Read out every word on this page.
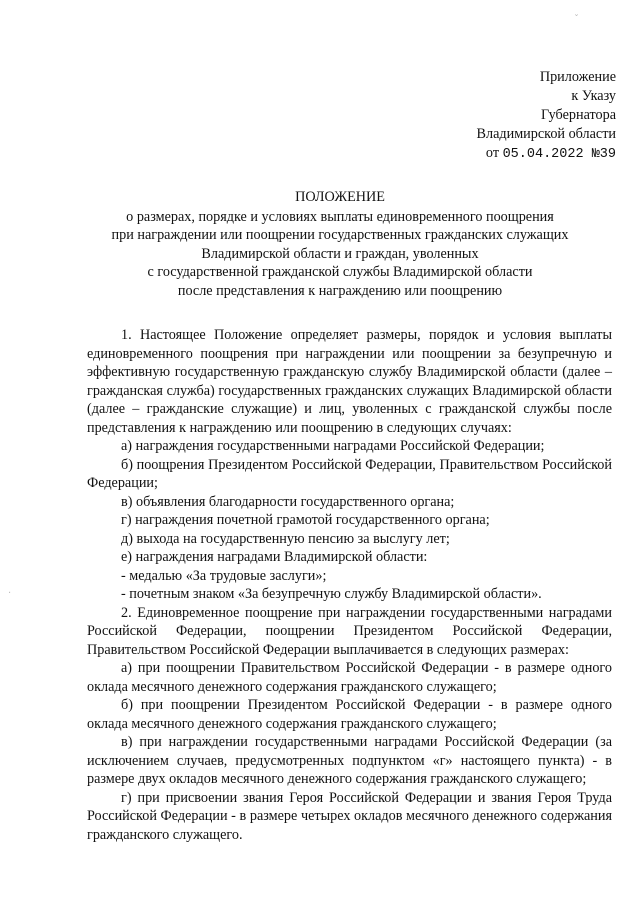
ˇ
·
Приложение
к Указу
Губернатора
Владимирской области
от 05.04.2022 №39
ПОЛОЖЕНИЕ
о размерах, порядке и условиях выплаты единовременного поощрения
при награждении или поощрении государственных гражданских служащих
Владимирской области и граждан, уволенных
с государственной гражданской службы Владимирской области
после представления к награждению или поощрению

1. Настоящее Положение определяет размеры, порядок и условия выплаты единовременного поощрения при награждении или поощрении за безупречную и эффективную государственную гражданскую службу Владимирской области (далее – гражданская служба) государственных гражданских служащих Владимирской области (далее – гражданские служащие) и лиц, уволенных с гражданской службы после представления к награждению или поощрению в следующих случаях:

а) награждения государственными наградами Российской Федерации;

б) поощрения Президентом Российской Федерации, Правительством Российской Федерации;

в) объявления благодарности государственного органа;

г) награждения почетной грамотой государственного органа;

д) выхода на государственную пенсию за выслугу лет;

е) награждения наградами Владимирской области:

- медалью «За трудовые заслуги»;

- почетным знаком «За безупречную службу Владимирской области».

2. Единовременное поощрение при награждении государственными наградами Российской Федерации, поощрении Президентом Российской Федерации, Правительством Российской Федерации выплачивается в следующих размерах:

а) при поощрении Правительством Российской Федерации - в размере одного оклада месячного денежного содержания гражданского служащего;

б) при поощрении Президентом Российской Федерации - в размере одного оклада месячного денежного содержания гражданского служащего;

в) при награждении государственными наградами Российской Федерации (за исключением случаев, предусмотренных подпунктом «г» настоящего пункта) - в размере двух окладов месячного денежного содержания гражданского служащего;

г) при присвоении звания Героя Российской Федерации и звания Героя Труда Российской Федерации - в размере четырех окладов месячного денежного содержания гражданского служащего.
